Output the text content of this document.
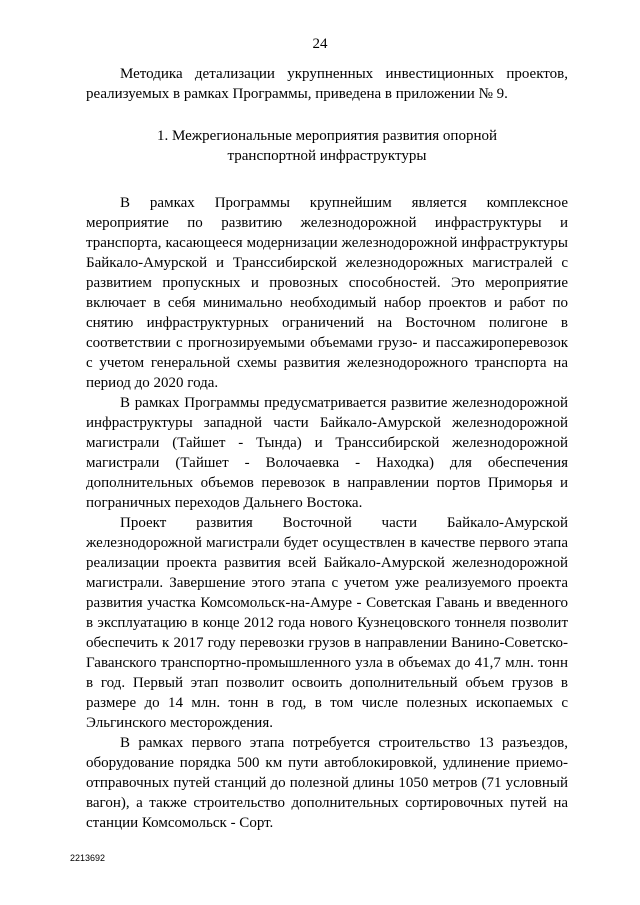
24

Методика детализации укрупненных инвестиционных проектов, реализуемых в рамках Программы, приведена в приложении № 9.

1. Межрегиональные мероприятия развития опорной
транспортной инфраструктуры

В рамках Программы крупнейшим является комплексное мероприятие по развитию железнодорожной инфраструктуры и транспорта, касающееся модернизации железнодорожной инфраструктуры Байкало-Амурской и Транссибирской железнодорожных магистралей с развитием пропускных и провозных способностей. Это мероприятие включает в себя минимально необходимый набор проектов и работ по снятию инфраструктурных ограничений на Восточном полигоне в соответствии с прогнозируемыми объемами грузо- и пассажироперевозок с учетом генеральной схемы развития железнодорожного транспорта на период до 2020 года.

В рамках Программы предусматривается развитие железнодорожной инфраструктуры западной части Байкало-Амурской железнодорожной магистрали (Тайшет - Тында) и Транссибирской железнодорожной магистрали (Тайшет - Волочаевка - Находка) для обеспечения дополнительных объемов перевозок в направлении портов Приморья и пограничных переходов Дальнего Востока.

Проект развития Восточной части Байкало-Амурской железнодорожной магистрали будет осуществлен в качестве первого этапа реализации проекта развития всей Байкало-Амурской железнодорожной магистрали. Завершение этого этапа с учетом уже реализуемого проекта развития участка Комсомольск-на-Амуре - Советская Гавань и введенного в эксплуатацию в конце 2012 года нового Кузнецовского тоннеля позволит обеспечить к 2017 году перевозки грузов в направлении Ванино-Советско-Гаванского транспортно-промышленного узла в объемах до 41,7 млн. тонн в год. Первый этап позволит освоить дополнительный объем грузов в размере до 14 млн. тонн в год, в том числе полезных ископаемых с Эльгинского месторождения.

В рамках первого этапа потребуется строительство 13 разъездов, оборудование порядка 500 км пути автоблокировкой, удлинение приемо-отправочных путей станций до полезной длины 1050 метров (71 условный вагон), а также строительство дополнительных сортировочных путей на станции Комсомольск - Сорт.

2213692
